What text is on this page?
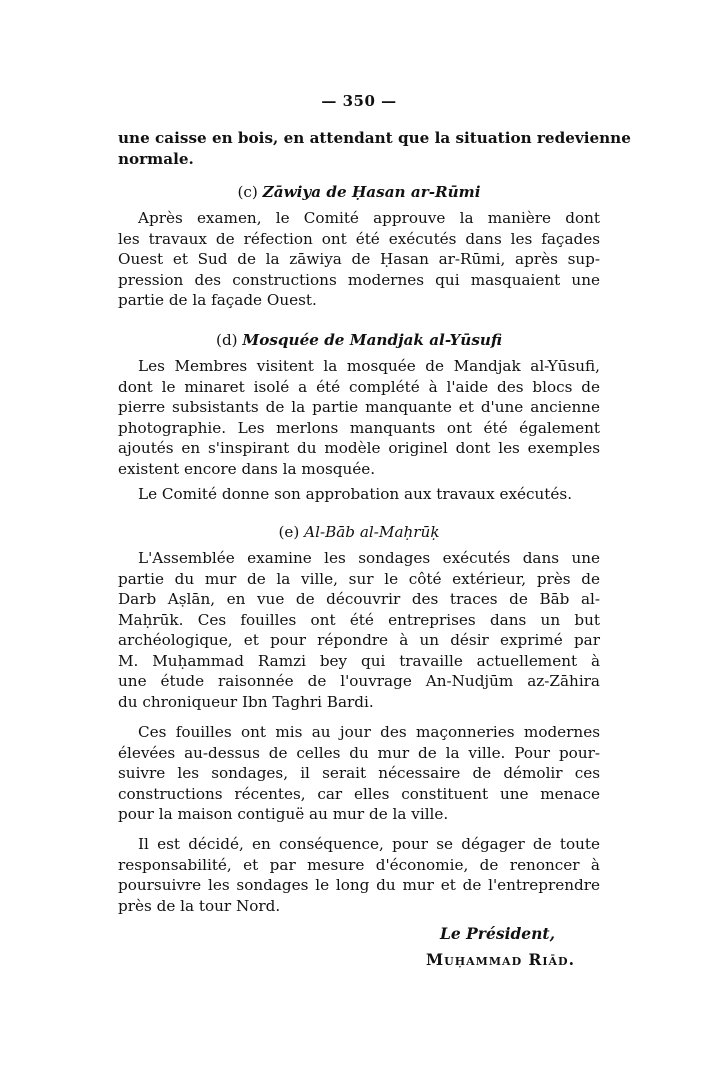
— 350 —
une caisse en bois, en attendant que la situation redevienne
normale.
(c) Zāwiya de Ḥasan ar-Rūmi
Après examen, le Comité approuve la manière dont
les travaux de réfection ont été exécutés dans les façades
Ouest et Sud de la zāwiya de Ḥasan ar-Rūmi, après sup-
pression des constructions modernes qui masquaient une
partie de la façade Ouest.
(d) Mosquée de Mandjak al-Yūsufi
Les Membres visitent la mosquée de Mandjak al-Yūsufi,
dont le minaret isolé a été complété à l'aide des blocs de
pierre subsistants de la partie manquante et d'une ancienne
photographie. Les merlons manquants ont été également
ajoutés en s'inspirant du modèle originel dont les exemples
existent encore dans la mosquée.
Le Comité donne son approbation aux travaux exécutés.
(e) Al-Bāb al-Maḥrūḳ
L'Assemblée examine les sondages exécutés dans une
partie du mur de la ville, sur le côté extérieur, près de
Darb Aṣlān, en vue de découvrir des traces de Bāb al-
Maḥrūk. Ces fouilles ont été entreprises dans un but
archéologique, et pour répondre à un désir exprimé par
M. Muḥammad Ramzi bey qui travaille actuellement à
une étude raisonnée de l'ouvrage An-Nudjūm az-Zāhira
du chroniqueur Ibn Taghri Bardi.
Ces fouilles ont mis au jour des maçonneries modernes
élevées au-dessus de celles du mur de la ville. Pour pour-
suivre les sondages, il serait nécessaire de démolir ces
constructions récentes, car elles constituent une menace
pour la maison contiguë au mur de la ville.
Il est décidé, en conséquence, pour se dégager de toute
responsabilité, et par mesure d'économie, de renoncer à
poursuivre les sondages le long du mur et de l'entreprendre
près de la tour Nord.
Le Président,
Muḥammad Riād.
